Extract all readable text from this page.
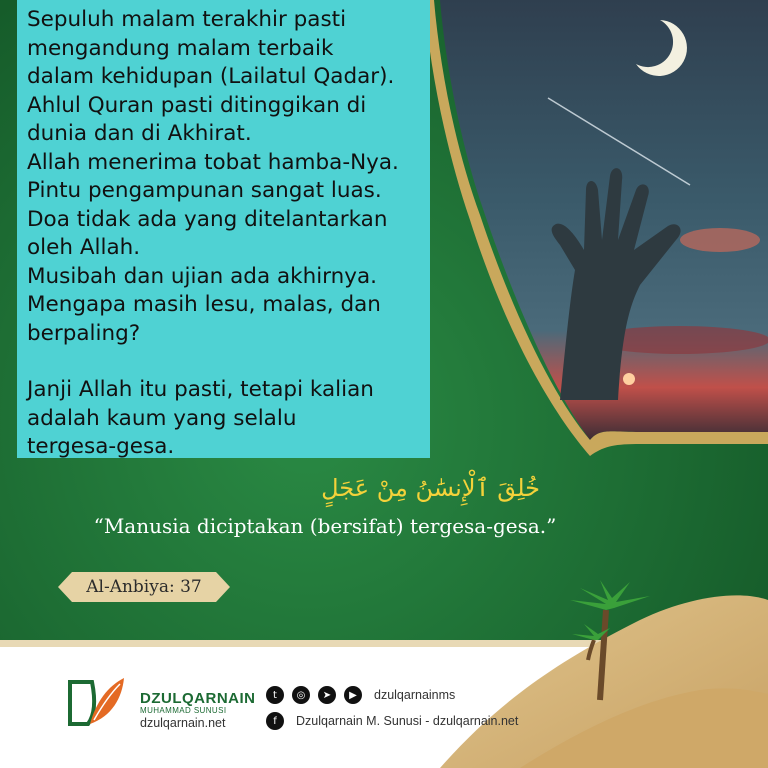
Sepuluh malam terakhir pasti
mengandung malam terbaik
dalam kehidupan (Lailatul Qadar).
Ahlul Quran pasti ditinggikan di
dunia dan di Akhirat.
Allah menerima tobat hamba-Nya.
Pintu pengampunan sangat luas.
Doa tidak ada yang ditelantarkan
oleh Allah.
Musibah dan ujian ada akhirnya.
Mengapa masih lesu, malas, dan
berpaling?

Janji Allah itu pasti, tetapi kalian
adalah kaum yang selalu
tergesa-gesa.

خُلِقَ ٱلْإِنسَٰنُ مِنْ عَجَلٍ
“Manusia diciptakan (bersifat) tergesa-gesa.”
Al-Anbiya: 37
DZULQARNAIN
MUHAMMAD SUNUSI
dzulqarnain.net
t	◎	➤	▶	dzulqarnainms
f	Dzulqarnain M. Sunusi - dzulqarnain.net
